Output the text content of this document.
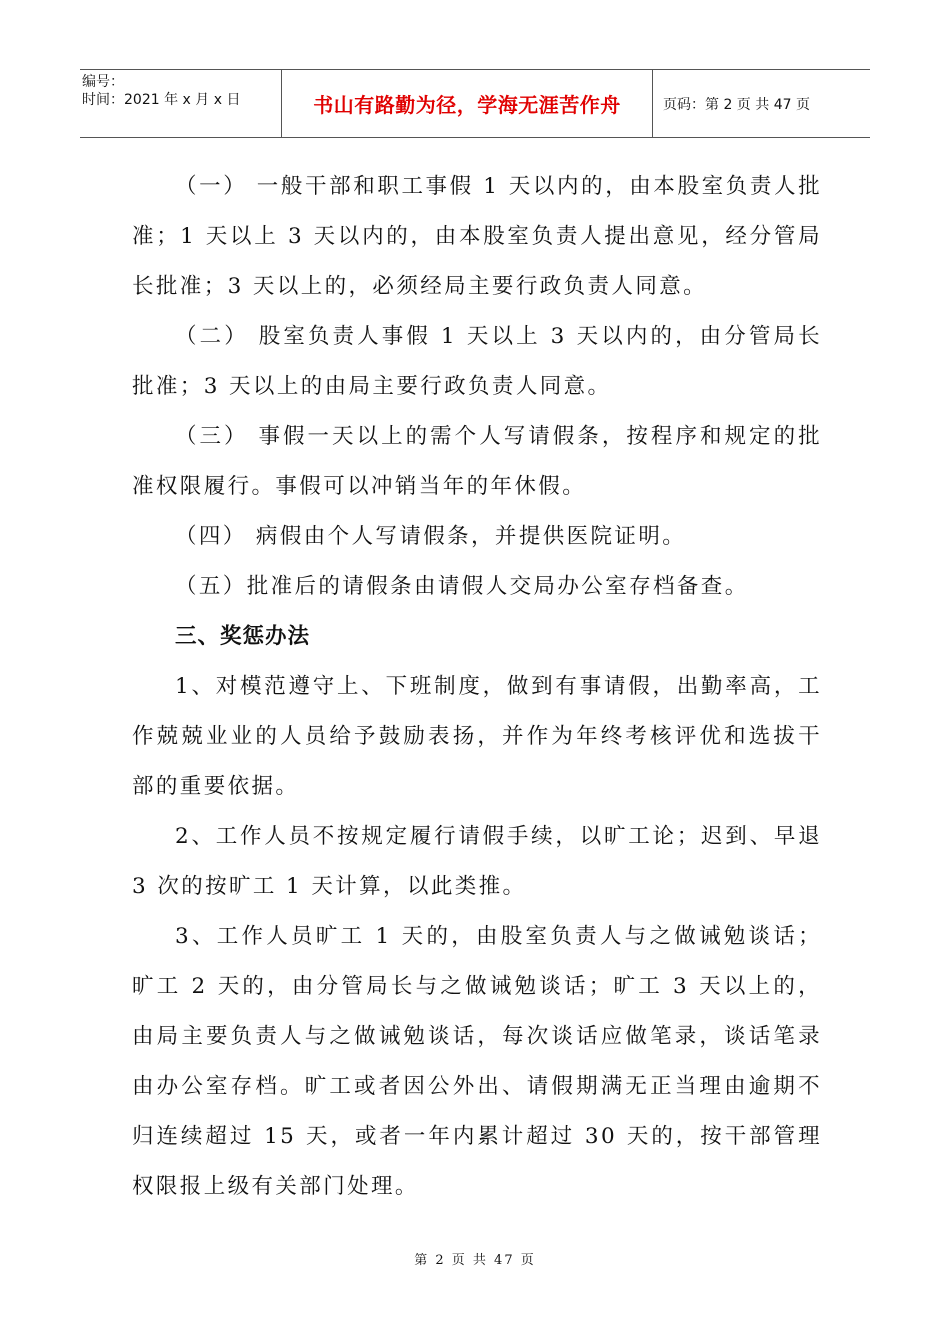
编号：
时间：2021 年 x 月 x 日	书山有路勤为径，学海无涯苦作舟	页码：第 2 页 共 47 页

（一） 一般干部和职工事假 1 天以内的，由本股室负责人批准；1 天以上 3 天以内的，由本股室负责人提出意见，经分管局长批准；3 天以上的，必须经局主要行政负责人同意。

（二） 股室负责人事假 1 天以上 3 天以内的，由分管局长批准；3 天以上的由局主要行政负责人同意。

（三） 事假一天以上的需个人写请假条，按程序和规定的批准权限履行。事假可以冲销当年的年休假。

（四） 病假由个人写请假条，并提供医院证明。

（五）批准后的请假条由请假人交局办公室存档备查。

三、奖惩办法

1、对模范遵守上、下班制度，做到有事请假，出勤率高，工作兢兢业业的人员给予鼓励表扬，并作为年终考核评优和选拔干部的重要依据。

2、工作人员不按规定履行请假手续，以旷工论；迟到、早退 3 次的按旷工 1 天计算，以此类推。

3、工作人员旷工 1 天的，由股室负责人与之做诫勉谈话；旷工 2 天的，由分管局长与之做诫勉谈话；旷工 3 天以上的，由局主要负责人与之做诫勉谈话，每次谈话应做笔录，谈话笔录由办公室存档。旷工或者因公外出、请假期满无正当理由逾期不归连续超过 15 天，或者一年内累计超过 30 天的，按干部管理权限报上级有关部门处理。

第 2 页 共 47 页
